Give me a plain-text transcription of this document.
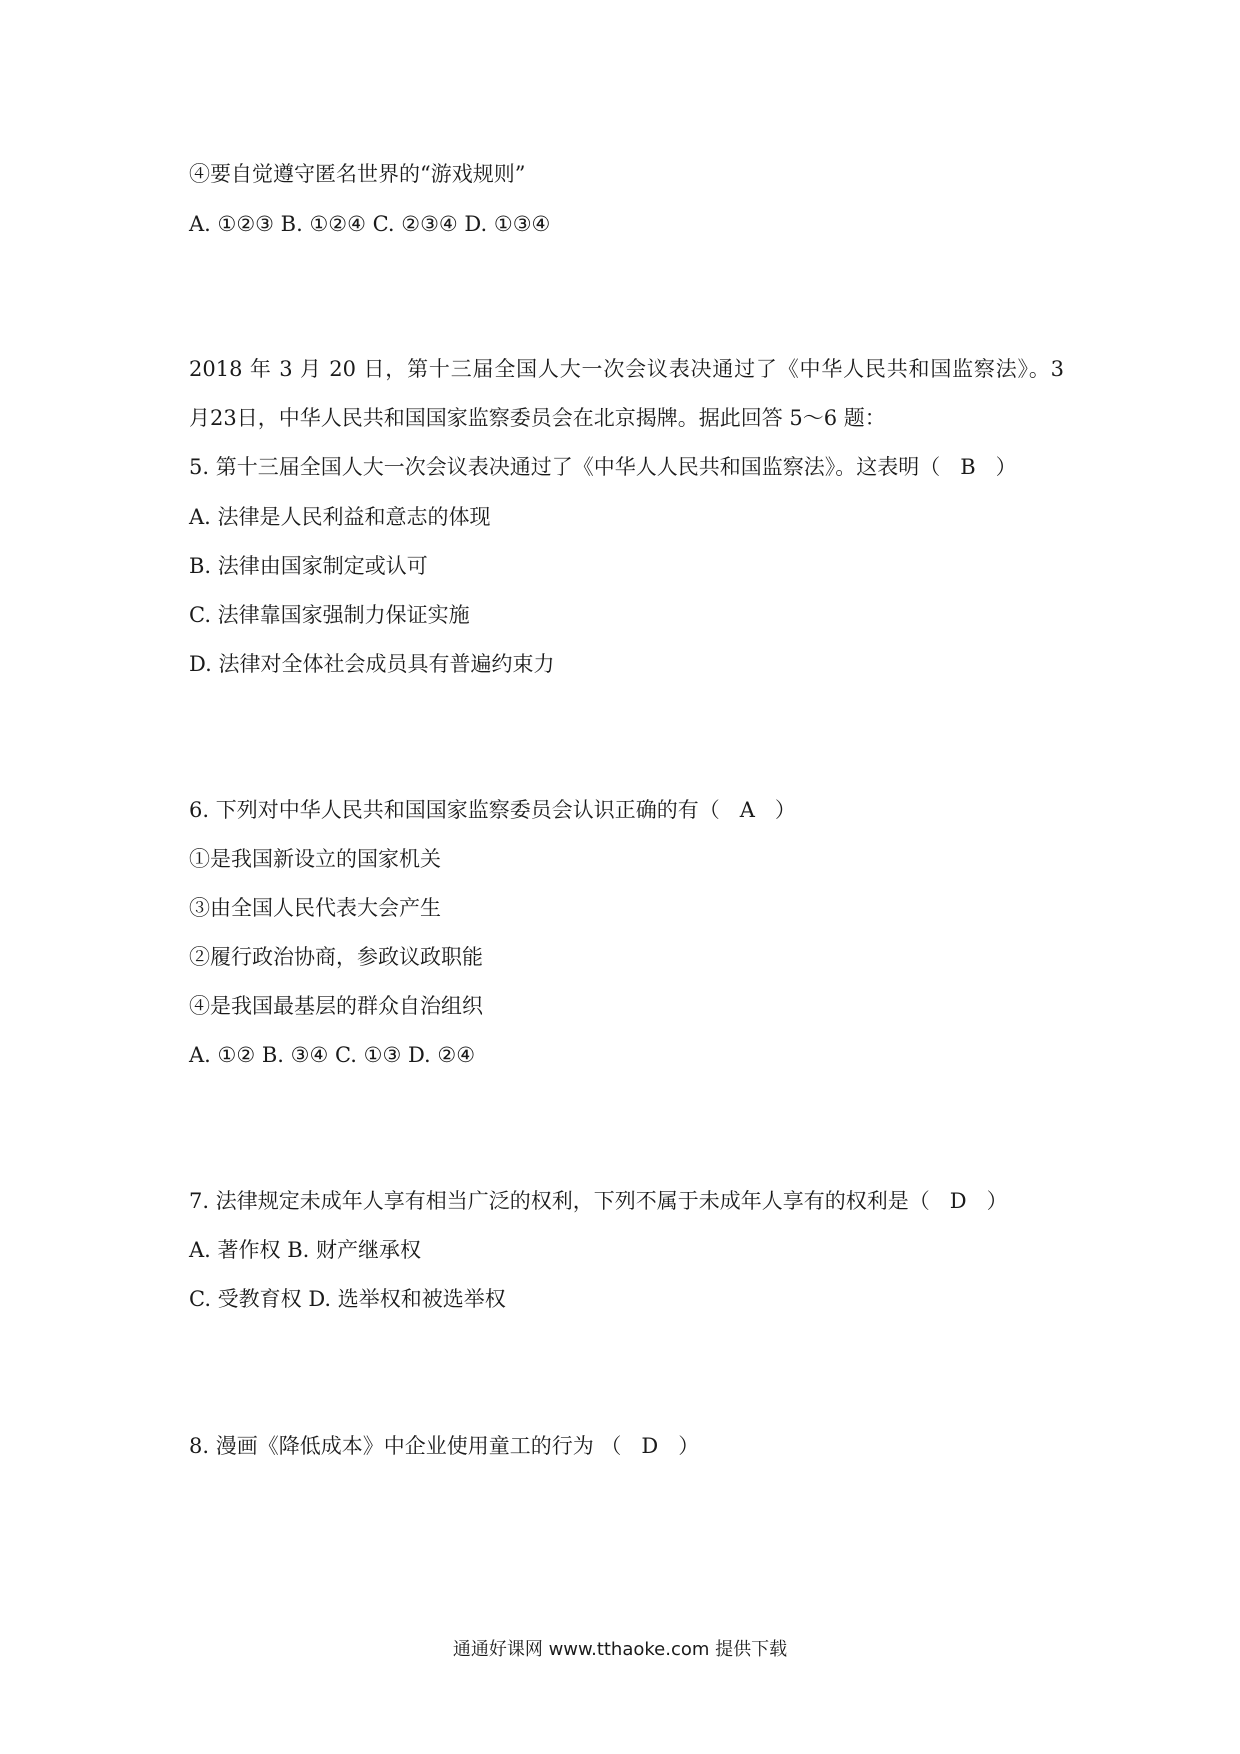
④要自觉遵守匿名世界的“游戏规则”
A. ①②③ B. ①②④ C. ②③④ D. ①③④
2018 年 3 月 20 日，第十三届全国人大一次会议表决通过了《中华人民共和国监察法》。3
月23日，中华人民共和国国家监察委员会在北京揭牌。据此回答 5～6 题：
5. 第十三届全国人大一次会议表决通过了《中华人人民共和国监察法》。这表明（ B ）
A. 法律是人民利益和意志的体现
B. 法律由国家制定或认可
C. 法律靠国家强制力保证实施
D. 法律对全体社会成员具有普遍约束力
6. 下列对中华人民共和国国家监察委员会认识正确的有（ A ）
①是我国新设立的国家机关
③由全国人民代表大会产生
②履行政治协商，参政议政职能
④是我国最基层的群众自治组织
A. ①② B. ③④ C. ①③ D. ②④
7. 法律规定未成年人享有相当广泛的权利，下列不属于未成年人享有的权利是（ D ）
A. 著作权 B. 财产继承权
C. 受教育权 D. 选举权和被选举权
8. 漫画《降低成本》中企业使用童工的行为 （ D ）
通通好课网 www.tthaoke.com 提供下载
